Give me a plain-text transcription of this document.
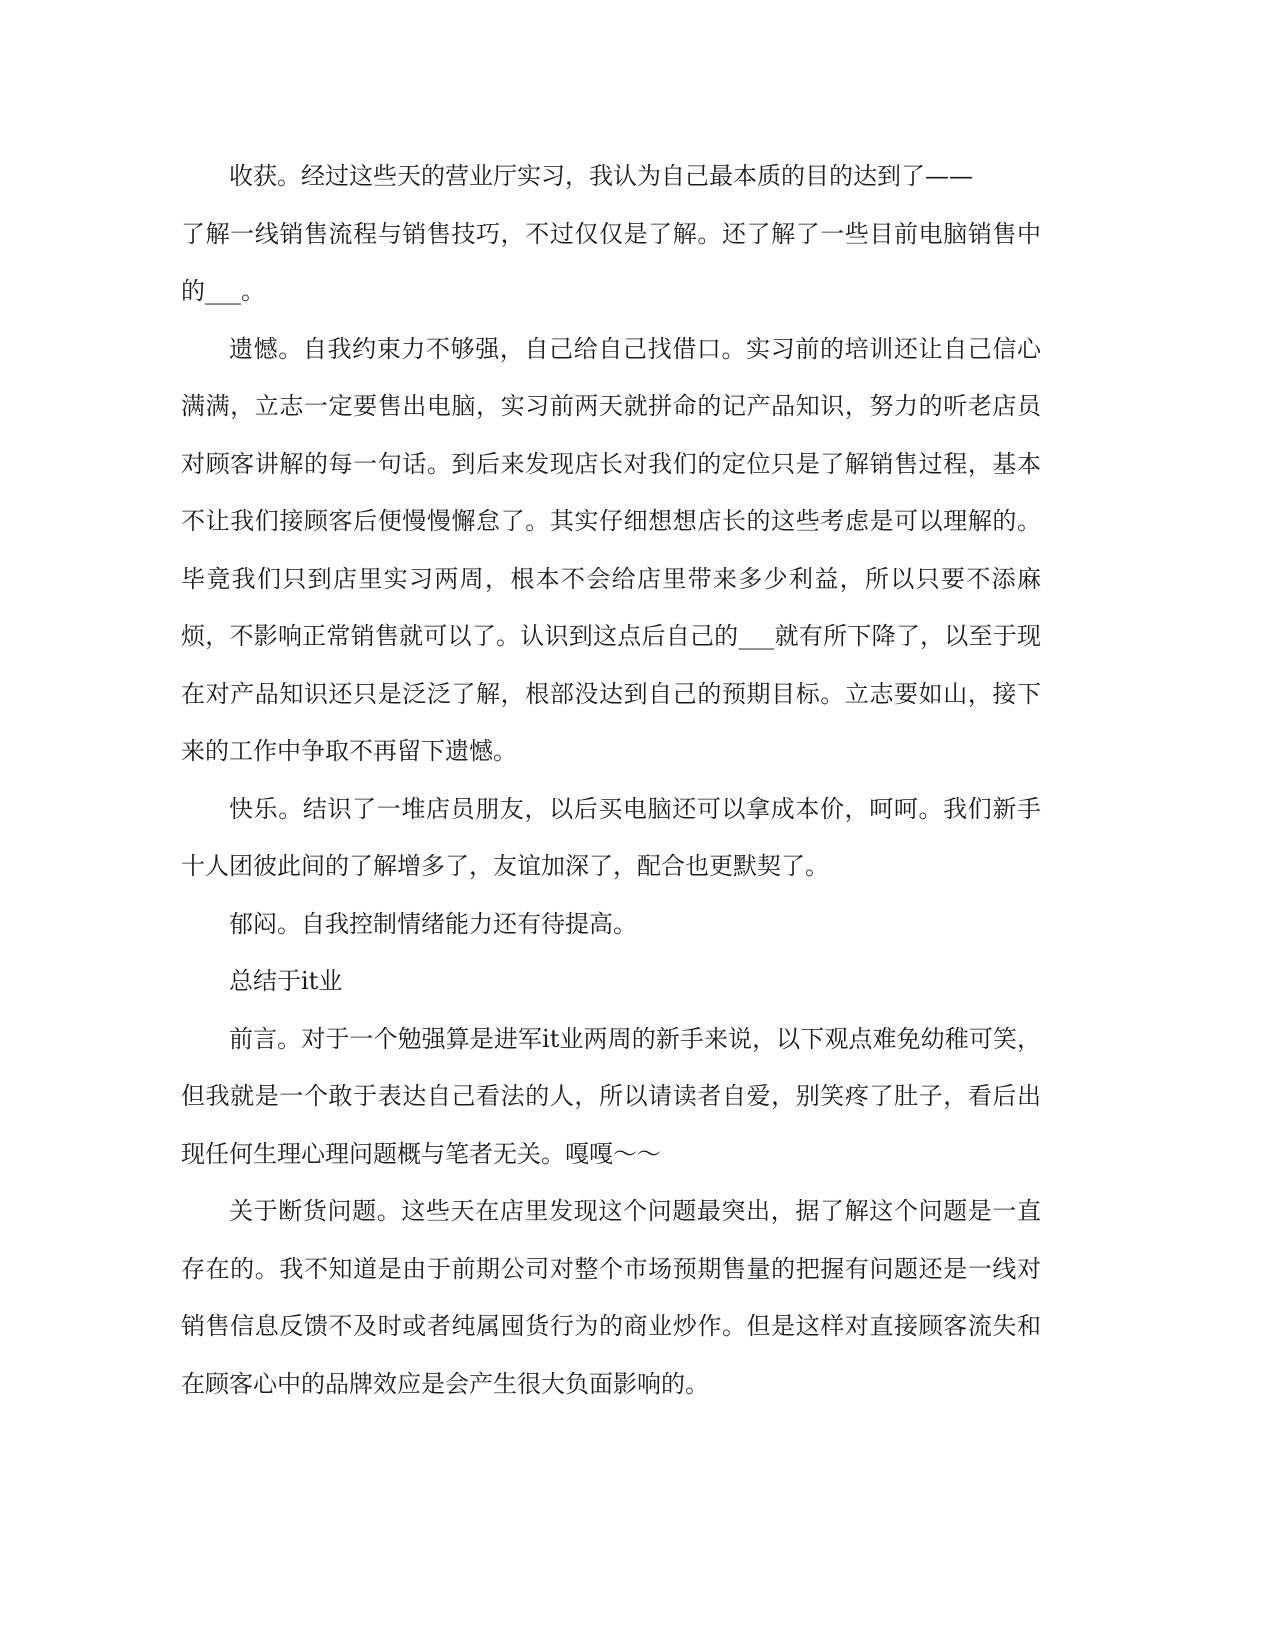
收获。经过这些天的营业厅实习，我认为自己最本质的目的达到了——

了解一线销售流程与销售技巧，不过仅仅是了解。还了解了一些目前电脑销售中的___。

遗憾。自我约束力不够强，自己给自己找借口。实习前的培训还让自己信心满满，立志一定要售出电脑，实习前两天就拼命的记产品知识，努力的听老店员对顾客讲解的每一句话。到后来发现店长对我们的定位只是了解销售过程，基本不让我们接顾客后便慢慢懈怠了。其实仔细想想店长的这些考虑是可以理解的。毕竟我们只到店里实习两周，根本不会给店里带来多少利益，所以只要不添麻烦，不影响正常销售就可以了。认识到这点后自己的___就有所下降了，以至于现在对产品知识还只是泛泛了解，根部没达到自己的预期目标。立志要如山，接下来的工作中争取不再留下遗憾。

快乐。结识了一堆店员朋友，以后买电脑还可以拿成本价，呵呵。我们新手十人团彼此间的了解增多了，友谊加深了，配合也更默契了。

郁闷。自我控制情绪能力还有待提高。

总结于it业

前言。对于一个勉强算是进军it业两周的新手来说，以下观点难免幼稚可笑，但我就是一个敢于表达自己看法的人，所以请读者自爱，别笑疼了肚子，看后出现任何生理心理问题概与笔者无关。嘎嘎～～

关于断货问题。这些天在店里发现这个问题最突出，据了解这个问题是一直存在的。我不知道是由于前期公司对整个市场预期售量的把握有问题还是一线对销售信息反馈不及时或者纯属囤货行为的商业炒作。但是这样对直接顾客流失和在顾客心中的品牌效应是会产生很大负面影响的。
